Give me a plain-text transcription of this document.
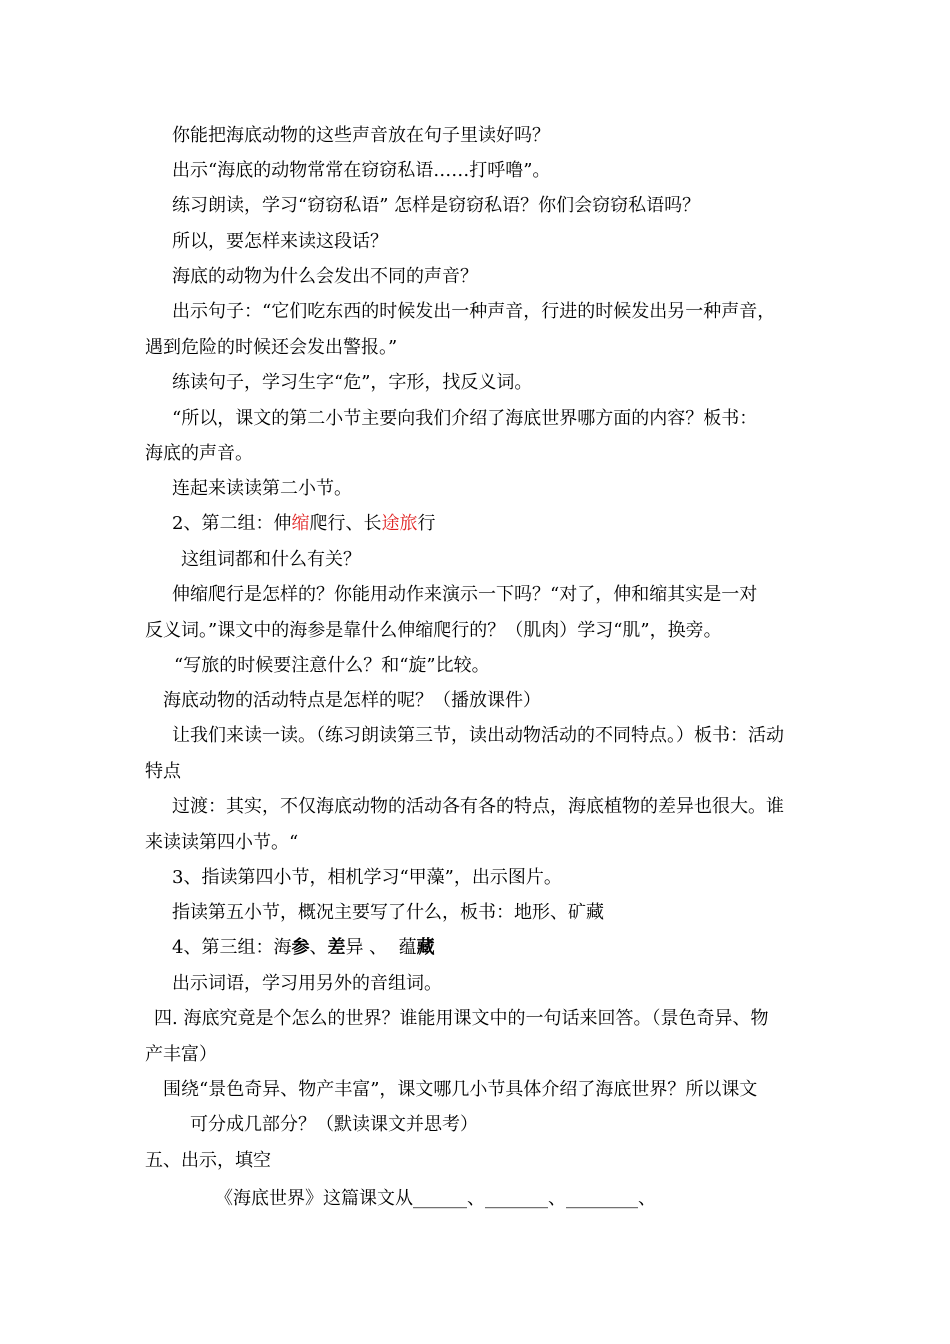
你能把海底动物的这些声音放在句子里读好吗？
出示“海底的动物常常在窃窃私语……打呼噜”。
练习朗读，学习“窃窃私语” 怎样是窃窃私语？你们会窃窃私语吗？
所以，要怎样来读这段话？
海底的动物为什么会发出不同的声音？
出示句子：“它们吃东西的时候发出一种声音，行进的时候发出另一种声音，
遇到危险的时候还会发出警报。”
练读句子，学习生字“危”，字形，找反义词。
“所以，课文的第二小节主要向我们介绍了海底世界哪方面的内容？板书：
海底的声音。
连起来读读第二小节。
2、第二组：伸缩爬行、长途旅行
这组词都和什么有关？
伸缩爬行是怎样的？你能用动作来演示一下吗？“对了，伸和缩其实是一对
反义词。”课文中的海参是靠什么伸缩爬行的？（肌肉）学习“肌”，换旁。
“写旅的时候要注意什么？和“旋”比较。
海底动物的活动特点是怎样的呢？（播放课件）
让我们来读一读。（练习朗读第三节，读出动物活动的不同特点。）板书：活动
特点
过渡：其实，不仅海底动物的活动各有各的特点，海底植物的差异也很大。谁
来读读第四小节。“
3、指读第四小节，相机学习“甲藻”，出示图片。
指读第五小节，概况主要写了什么，板书：地形、矿藏
4、第三组：海参、差异 、  蕴藏
出示词语，学习用另外的音组词。
四. 海底究竟是个怎么的世界？谁能用课文中的一句话来回答。（景色奇异、物
产丰富）
围绕“景色奇异、物产丰富”，课文哪几小节具体介绍了海底世界？所以课文
可分成几部分？（默读课文并思考）
五、出示，填空
《海底世界》这篇课文从______、_______、________、
